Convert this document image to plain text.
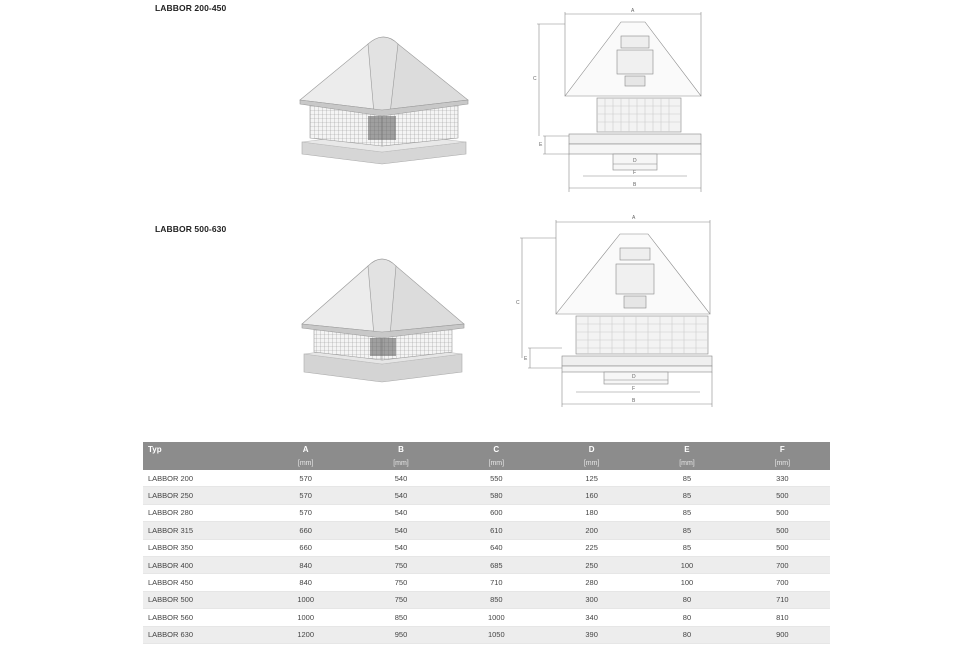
LABBOR 200-450
LABBOR 500-630
A
C
E
D
F
B
A
C
E
D
F
B
Typ	A	B	C	D	E	F
	[mm]	[mm]	[mm]	[mm]	[mm]	[mm]
LABBOR 200	570	540	550	125	85	330
LABBOR 250	570	540	580	160	85	500
LABBOR 280	570	540	600	180	85	500
LABBOR 315	660	540	610	200	85	500
LABBOR 350	660	540	640	225	85	500
LABBOR 400	840	750	685	250	100	700
LABBOR 450	840	750	710	280	100	700
LABBOR 500	1000	750	850	300	80	710
LABBOR 560	1000	850	1000	340	80	810
LABBOR 630	1200	950	1050	390	80	900
